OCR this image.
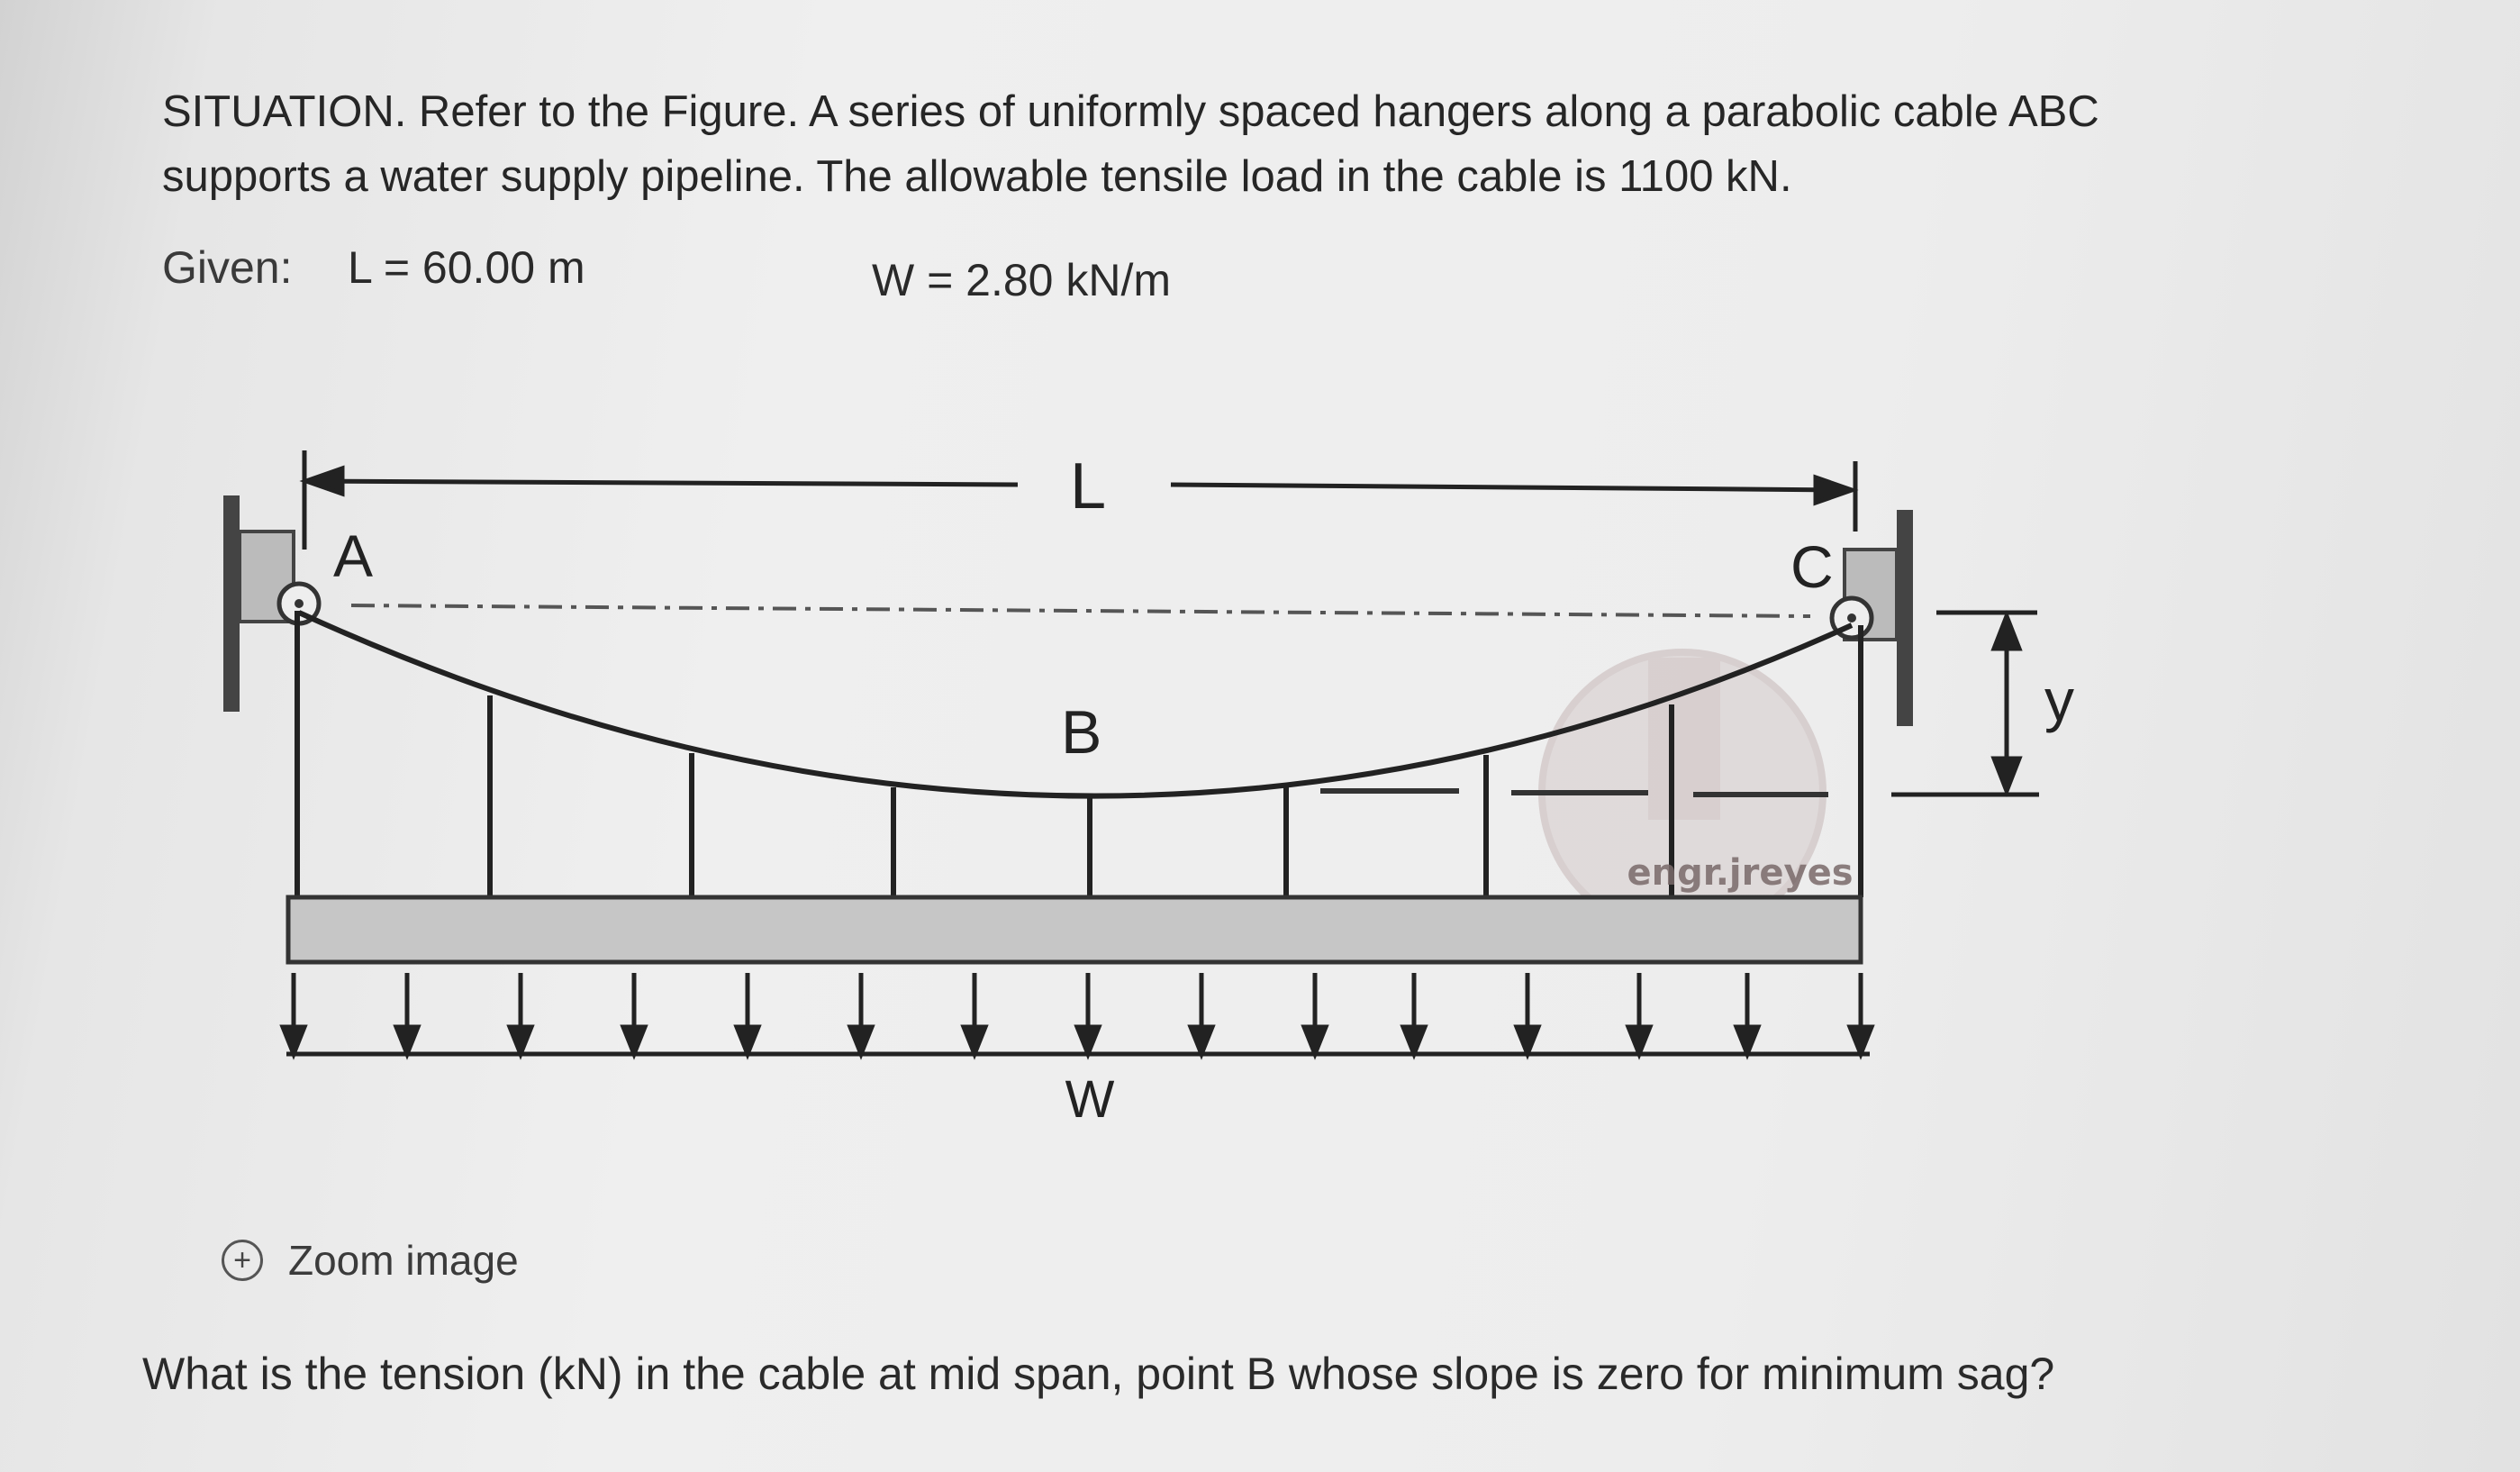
SITUATION. Refer to the Figure. A series of uniformly spaced hangers along a parabolic cable ABC supports a water supply pipeline. The allowable tensile load in the cable is 1100 kN.
Given: L = 60.00 m	W = 2.80 kN/m
L
A	C
B	y
W
engr.jreyes
+ Zoom image
What is the tension (kN) in the cable at mid span, point B whose slope is zero for minimum sag?
